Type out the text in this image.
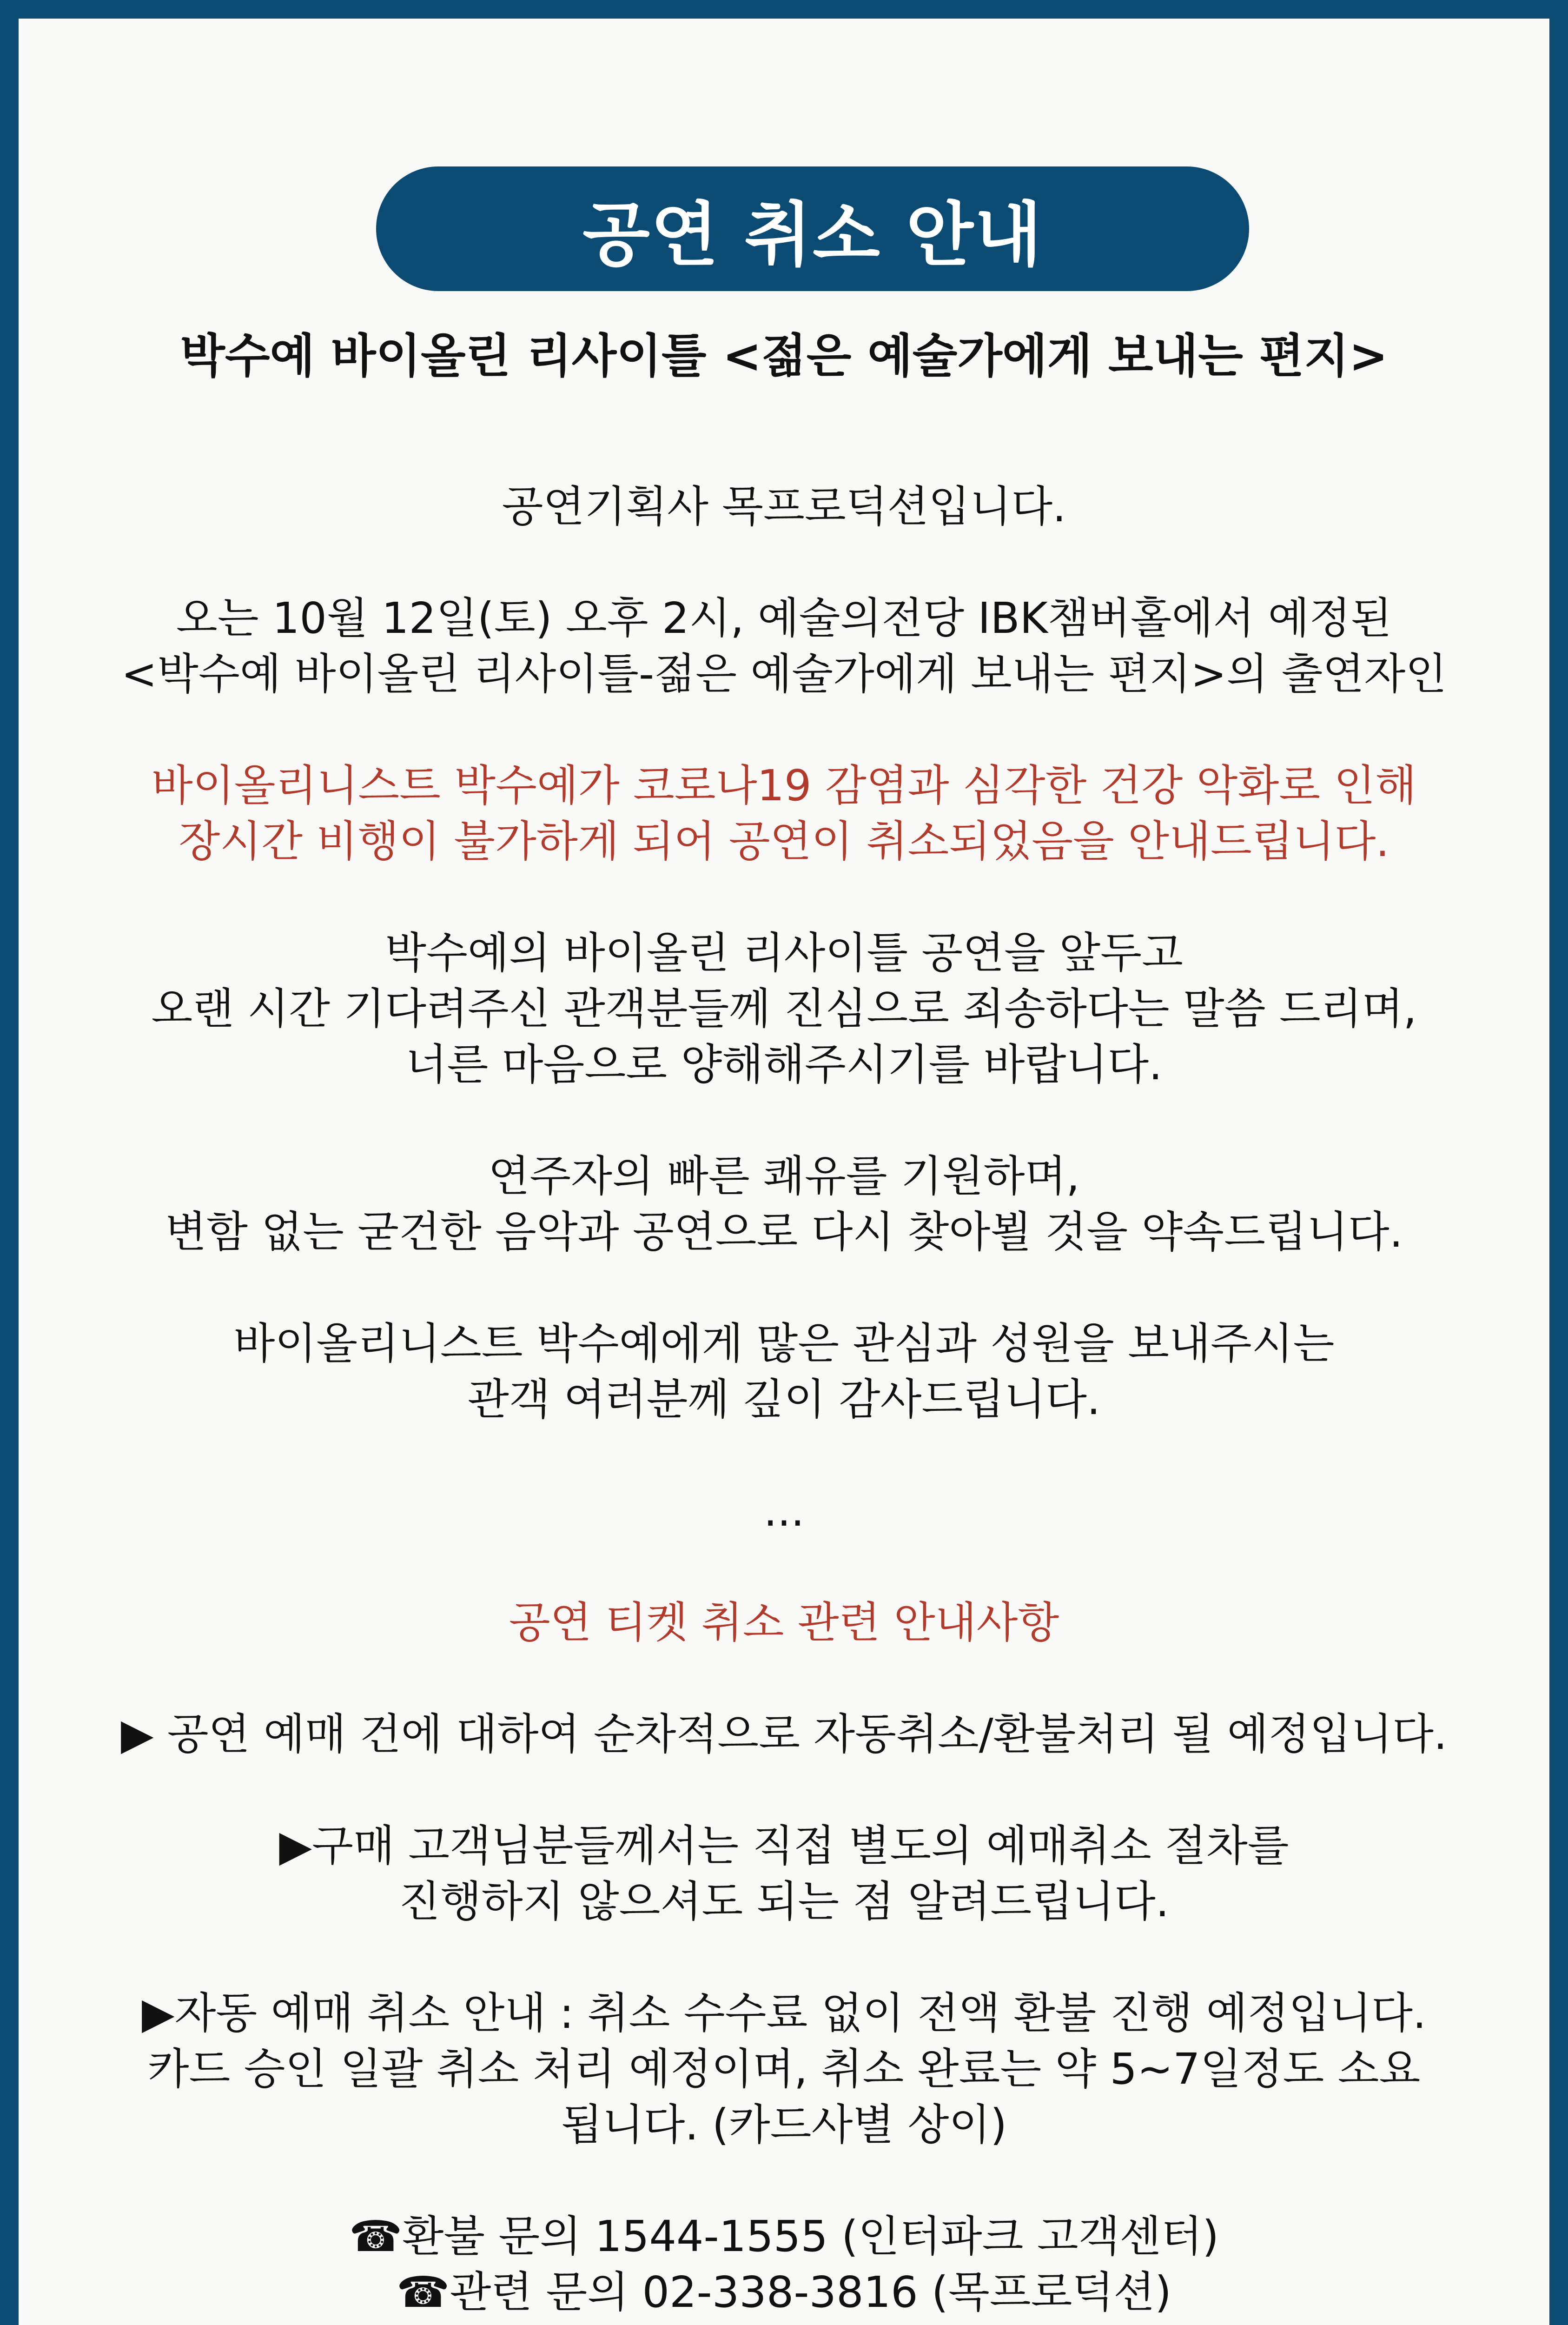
공연 취소 안내
박수예 바이올린 리사이틀 <젊은 예술가에게 보내는 편지>

공연기획사 목프로덕션입니다.

오는 10월 12일(토) 오후 2시, 예술의전당 IBK챔버홀에서 예정된
<박수예 바이올린 리사이틀-젊은 예술가에게 보내는 편지>의 출연자인

바이올리니스트 박수예가 코로나19 감염과 심각한 건강 악화로 인해
장시간 비행이 불가하게 되어 공연이 취소되었음을 안내드립니다.

박수예의 바이올린 리사이틀 공연을 앞두고
오랜 시간 기다려주신 관객분들께 진심으로 죄송하다는 말씀 드리며,
너른 마음으로 양해해주시기를 바랍니다.

연주자의 빠른 쾌유를 기원하며,
변함 없는 굳건한 음악과 공연으로 다시 찾아뵐 것을 약속드립니다.

바이올리니스트 박수예에게 많은 관심과 성원을 보내주시는
관객 여러분께 깊이 감사드립니다.

...

공연 티켓 취소 관련 안내사항

▶ 공연 예매 건에 대하여 순차적으로 자동취소/환불처리 될 예정입니다.

▶구매 고객님분들께서는 직접 별도의 예매취소 절차를
진행하지 않으셔도 되는 점 알려드립니다.

▶자동 예매 취소 안내 : 취소 수수료 없이 전액 환불 진행 예정입니다.
카드 승인 일괄 취소 처리 예정이며, 취소 완료는 약 5~7일정도 소요
됩니다. (카드사별 상이)

☎환불 문의 1544-1555 (인터파크 고객센터)
☎관련 문의 02-338-3816 (목프로덕션)
